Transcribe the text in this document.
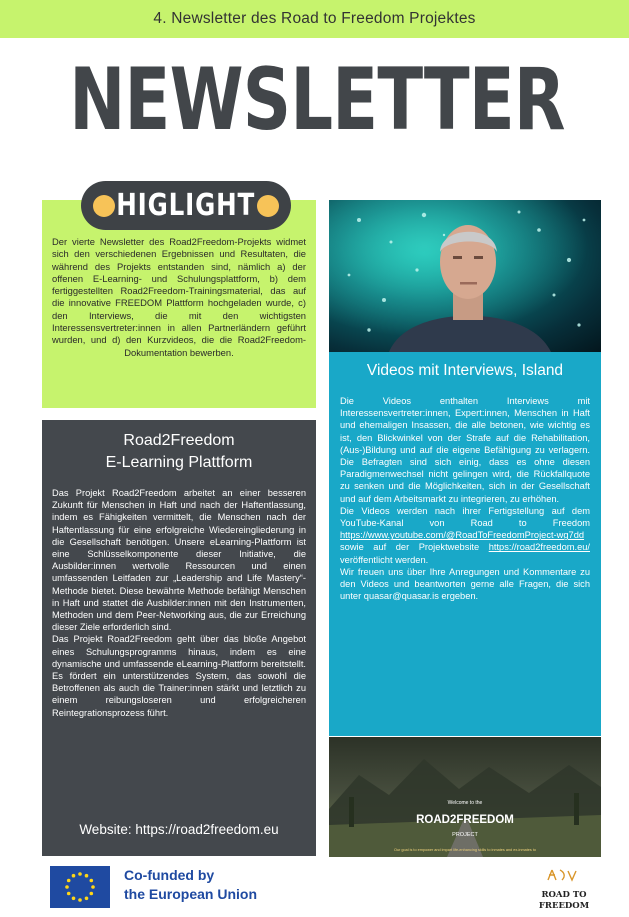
4. Newsletter des Road to Freedom Projektes
NEWSLETTER

Der vierte Newsletter des Road2Freedom-Projekts widmet sich den verschiedenen Ergebnissen und Resultaten, die während des Projekts entstanden sind, nämlich a) der offenen E-Learning- und Schulungsplattform, b) dem fertiggestellten Road2Freedom-Trainingsmaterial, das auf die innovative FREEDOM Plattform hochgeladen wurde, c) den Interviews, die mit den wichtigsten Interessensvertreter:innen in allen Partnerländern geführt wurden, und d) den Kurzvideos, die die Road2Freedom-Dokumentation bewerben.

HIGLIGHT
Road2Freedom
E-Learning Plattform

Das Projekt Road2Freedom arbeitet an einer besseren Zukunft für Menschen in Haft und nach der Haftentlassung, indem es Fähigkeiten vermittelt, die Menschen nach der Haftentlassung für eine erfolgreiche Wiedereingliederung in die Gesellschaft benötigen. Unsere eLearning-Plattform ist eine Schlüsselkomponente dieser Initiative, die Ausbilder:innen wertvolle Ressourcen und einen umfassenden Leitfaden zur „Leadership and Life Mastery“-Methode bietet. Diese bewährte Methode befähigt Menschen in Haft und stattet die Ausbilder:innen mit den Instrumenten, Methoden und dem Peer-Networking aus, die zur Erreichung dieser Ziele erforderlich sind.

Das Projekt Road2Freedom geht über das bloße Angebot eines Schulungsprogramms hinaus, indem es eine dynamische und umfassende eLearning-Plattform bereitstellt. Es fördert ein unterstützendes System, das sowohl die Betroffenen als auch die Trainer:innen stärkt und letztlich zu einem reibungsloseren und erfolgreicheren Reintegrationsprozess führt.

Website: https://road2freedom.eu
Videos mit Interviews, Island

Die Videos enthalten Interviews mit Interessensvertreter:innen, Expert:innen, Menschen in Haft und ehemaligen Insassen, die alle betonen, wie wichtig es ist, den Blickwinkel von der Strafe auf die Rehabilitation, (Aus-)Bildung und auf die eigene Befähigung zu verlagern. Die Befragten sind sich einig, dass es ohne diesen Paradigmenwechsel nicht gelingen wird, die Rückfallquote zu senken und die Möglichkeiten, sich in der Gesellschaft und auf dem Arbeitsmarkt zu integrieren, zu erhöhen.

Die Videos werden nach ihrer Fertigstellung auf dem YouTube-Kanal von Road to Freedom https://www.youtube.com/@RoadToFreedomProject-wg7dd sowie auf der Projektwebsite https://road2freedom.eu/ veröffentlicht werden.

Wir freuen uns über Ihre Anregungen und Kommentare zu den Videos und beantworten gerne alle Fragen, die sich unter quasar@quasar.is ergeben.

Welcome to the
ROAD2FREEDOM
PROJECT
Our goal is to empower and impart life-enhancing skills to inmates and ex-inmates to
Co-funded by
the European Union	ROAD TO
FREEDOM
